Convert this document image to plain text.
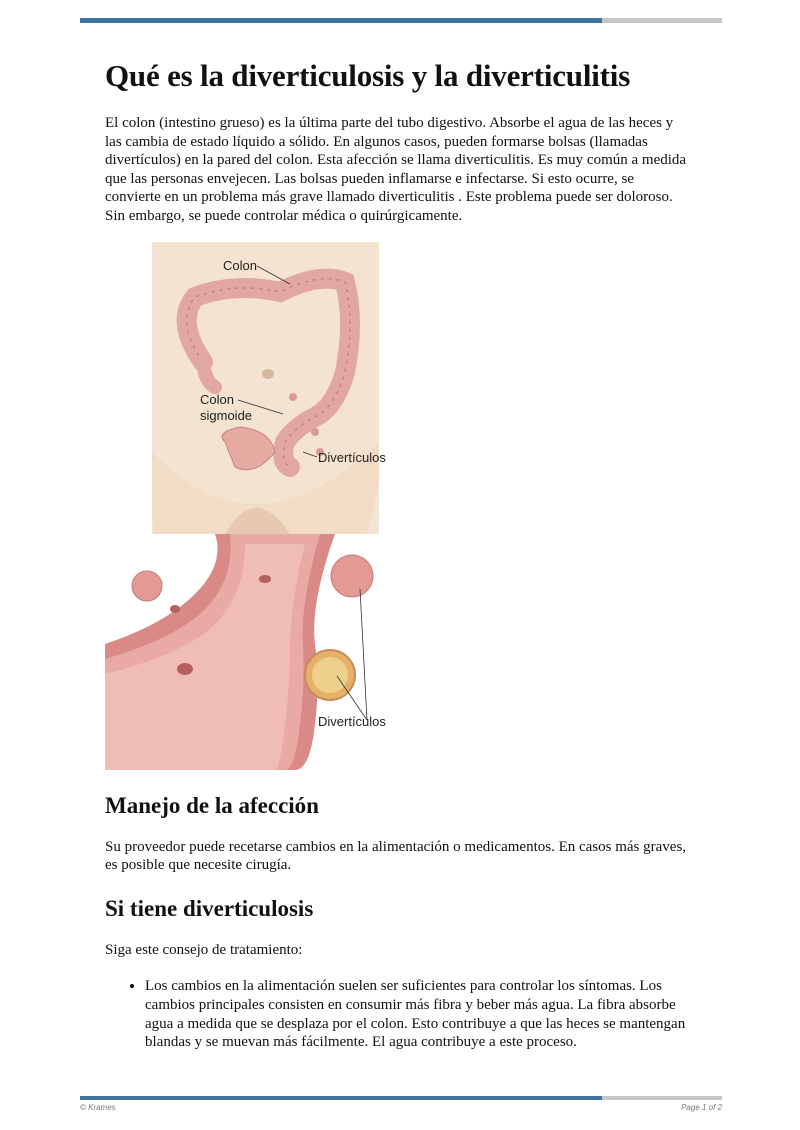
Qué es la diverticulosis y la diverticulitis

El colon (intestino grueso) es la última parte del tubo digestivo. Absorbe el agua de las heces y las cambia de estado líquido a sólido. En algunos casos, pueden formarse bolsas (llamadas divertículos) en la pared del colon. Esta afección se llama diverticulitis. Es muy común a medida que las personas envejecen. Las bolsas pueden inflamarse e infectarse. Si esto ocurre, se convierte en un problema más grave llamado diverticulitis . Este problema puede ser doloroso. Sin embargo, se puede controlar médica o quirúrgicamente.

Colon
Colon
sigmoide
Divertículos
Divertículos
Manejo de la afección

Su proveedor puede recetarse cambios en la alimentación o medicamentos. En casos más graves, es posible que necesite cirugía.

Si tiene diverticulosis

Siga este consejo de tratamiento:

• Los cambios en la alimentación suelen ser suficientes para controlar los síntomas. Los cambios principales consisten en consumir más fibra y beber más agua. La fibra absorbe agua a medida que se desplaza por el colon. Esto contribuye a que las heces se mantengan blandas y se muevan más fácilmente. El agua contribuye a este proceso.
© Krames	Page 1 of 2
